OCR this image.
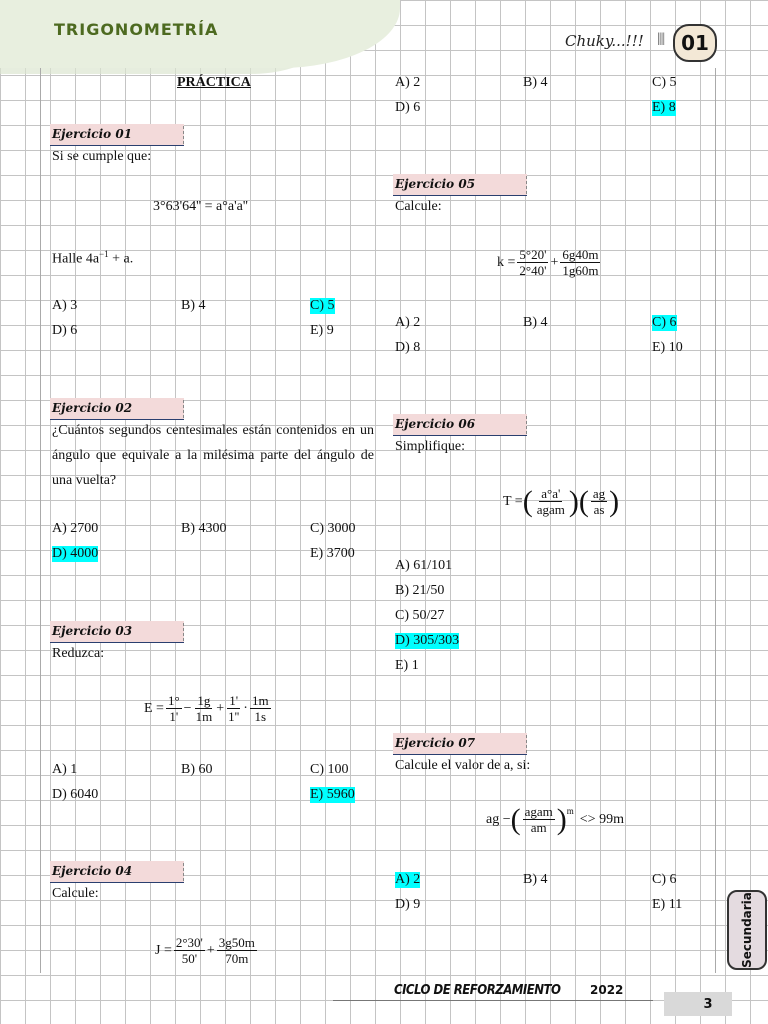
TRIGONOMETRÍA
Chuky...!!! |||| 01
PRÁCTICA
Ejercicio 01
Si se cumple que:
3°63'64'' = a°a'a''
Halle $4a^{-1} + a$.
A) 3	B) 4	C) 5
D) 6	E) 9
Ejercicio 02
¿Cuántos segundos centesimales están contenidos en un ángulo que equivale a la milésima parte del ángulo de una vuelta?
A) 2700	B) 4300	C) 3000
D) 4000	E) 3700
Ejercicio 03
Reduzca:
$E = \frac{1^\circ}{1'} - \frac{1g}{1m} + \frac{1'}{1''} \cdot \frac{1m}{1s}$
A) 1	B) 60	C) 100
D) 6040	E) 5960
Ejercicio 04
Calcule:
$J = \frac{2^\circ 30'}{50'} + \frac{3g50m}{70m}$
A) 2	B) 4	C) 5
D) 6	E) 8
Ejercicio 05
Calcule:
$k = \frac{5^\circ 20'}{2^\circ 40'} + \frac{6g40m}{1g60m}$
A) 2	B) 4	C) 6
D) 8	E) 10
Ejercicio 06
Simplifique:
T = ( $\frac{a^\circ a'}{\text{agam}}$ ) ( $\frac{ag}{as}$ )
A) 61/101
B) 21/50
C) 50/27
D) 305/303
E) 1
Ejercicio 07
Calcule el valor de a, si:
ag − ( $\frac{\text{agam}}{am} )^m$
<> 99m
A) 2	B) 4	C) 6
D) 9	E) 11	Secundaria
CICLO DE REFORZAMIENTO 2022
3
